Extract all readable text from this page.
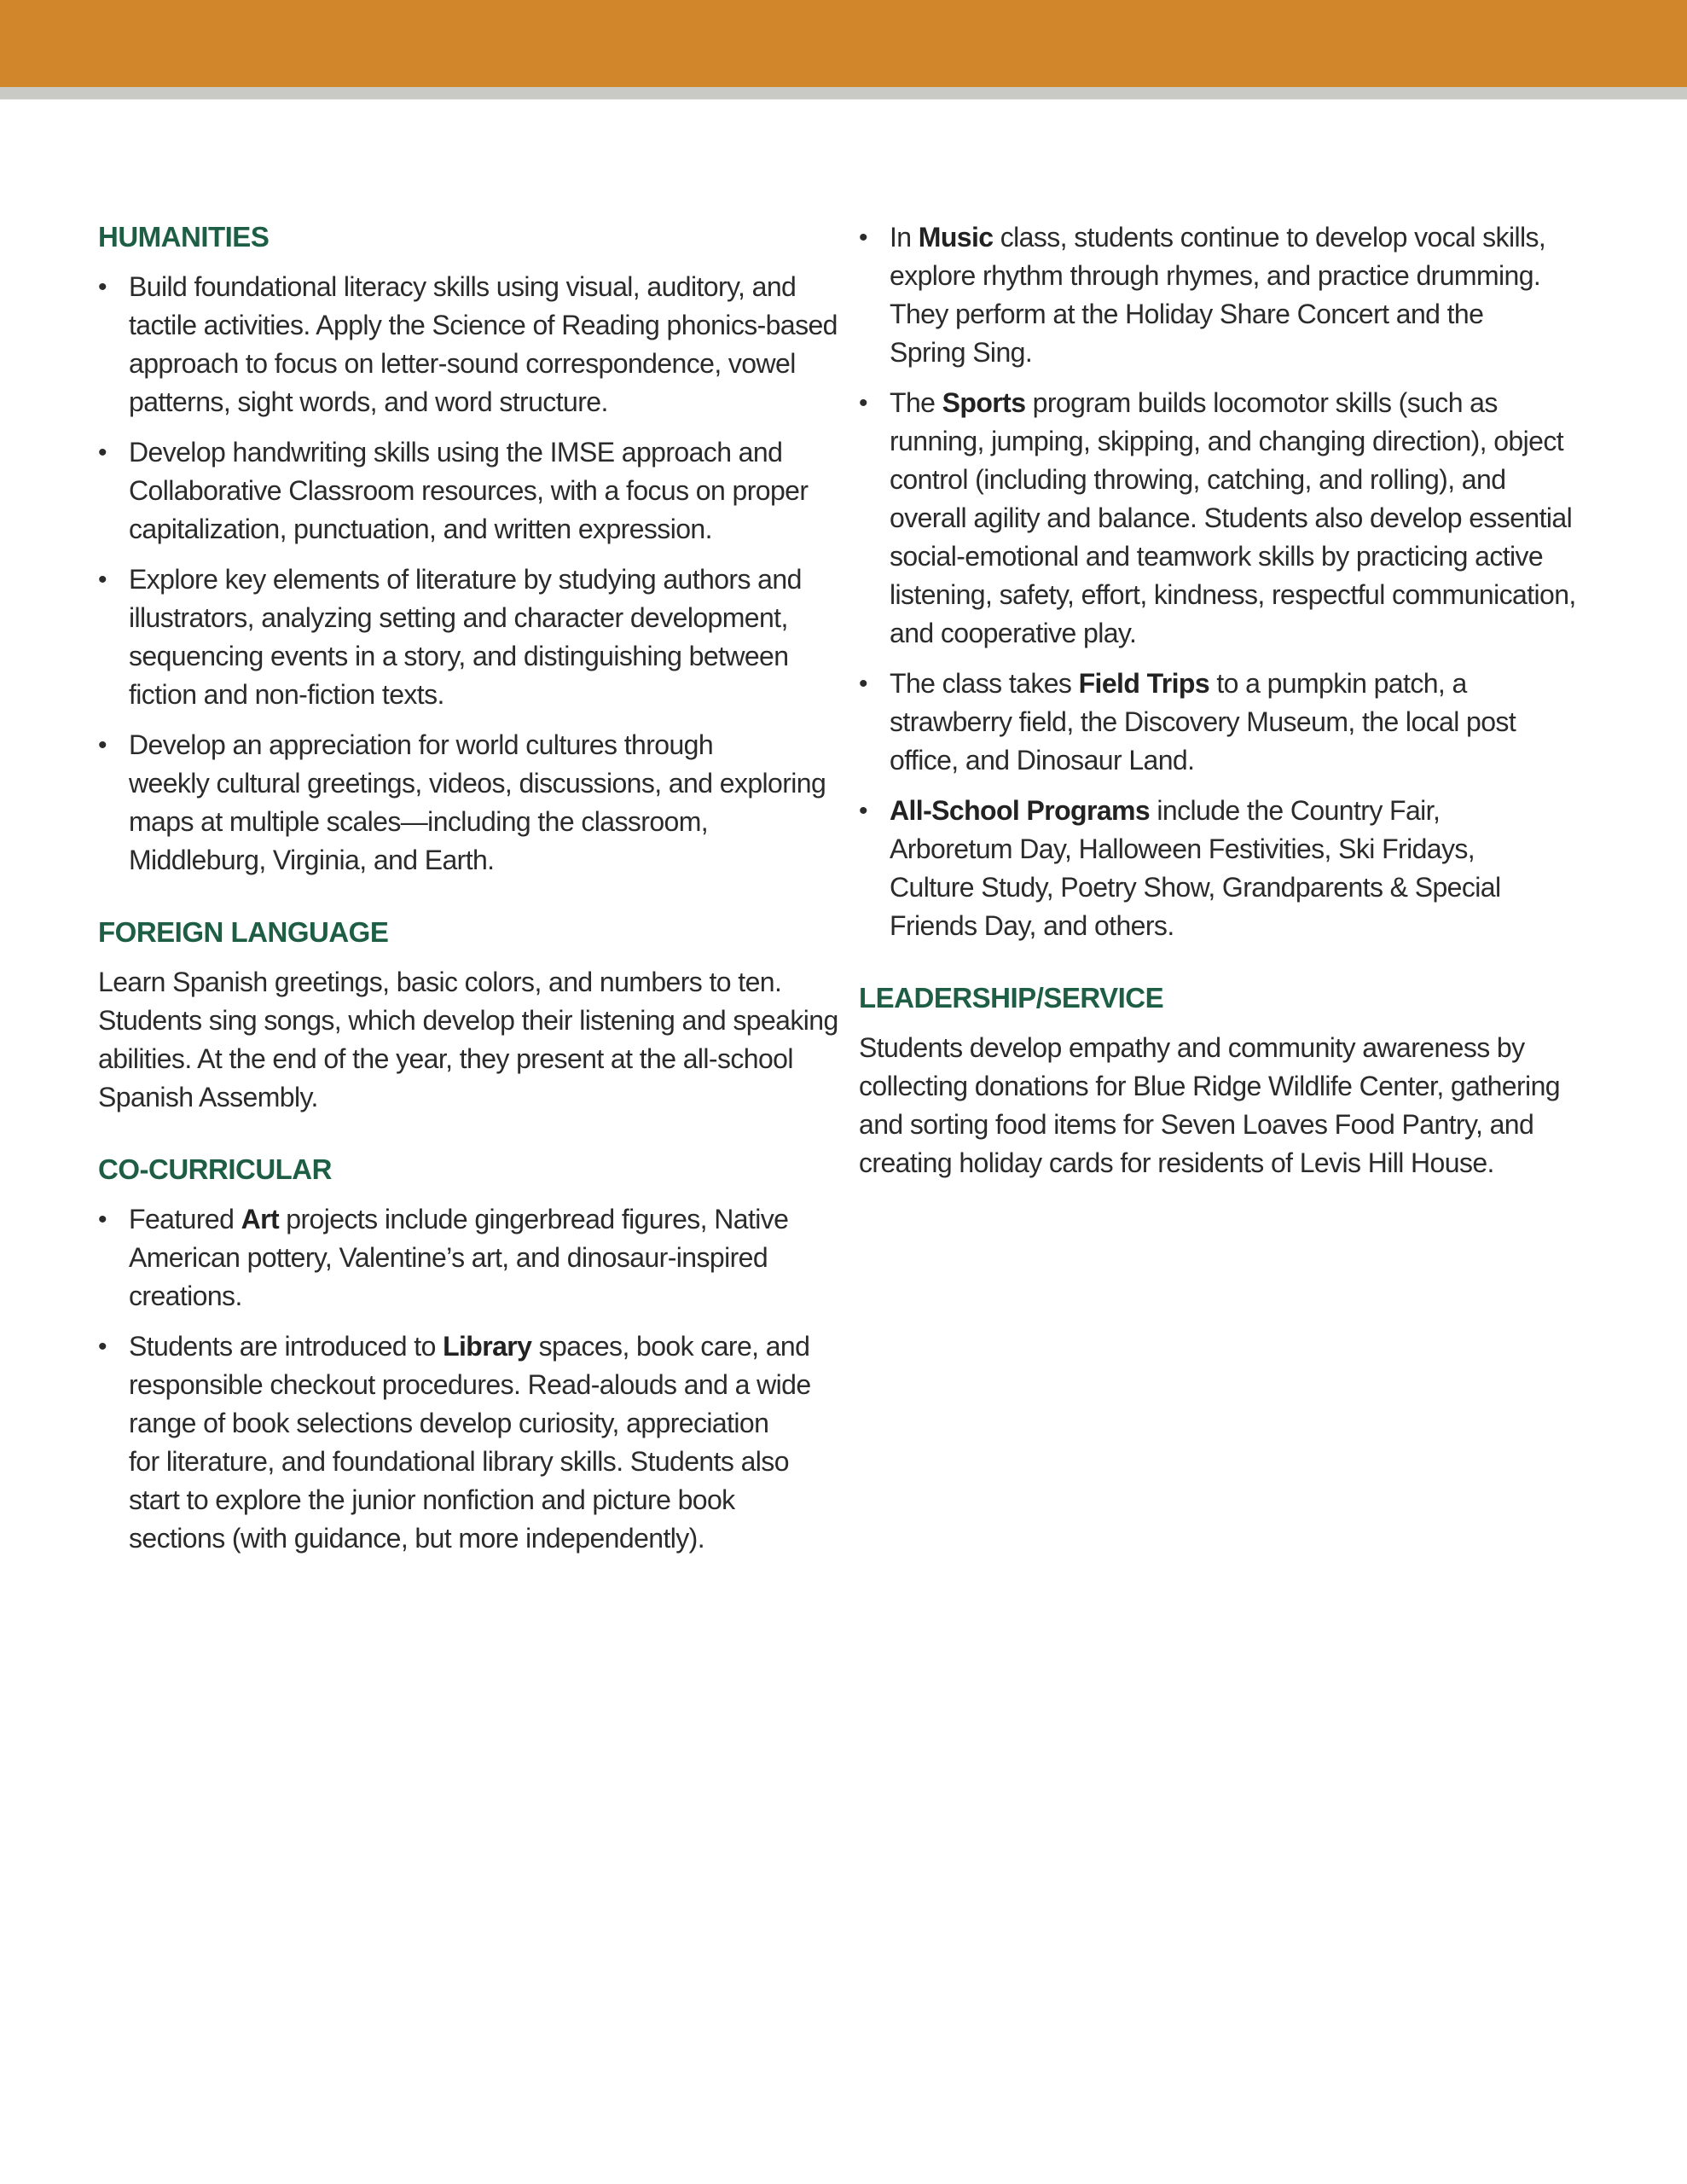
HUMANITIES
• Build foundational literacy skills using visual, auditory, and
tactile activities. Apply the Science of Reading phonics-based
approach to focus on letter-sound correspondence, vowel
patterns, sight words, and word structure.
• Develop handwriting skills using the IMSE approach and
Collaborative Classroom resources, with a focus on proper
capitalization, punctuation, and written expression.
• Explore key elements of literature by studying authors and
illustrators, analyzing setting and character development,
sequencing events in a story, and distinguishing between
fiction and non-fiction texts.
• Develop an appreciation for world cultures through
weekly cultural greetings, videos, discussions, and exploring
maps at multiple scales—including the classroom,
Middleburg, Virginia, and Earth.
FOREIGN LANGUAGE
Learn Spanish greetings, basic colors, and numbers to ten.
Students sing songs, which develop their listening and speaking
abilities. At the end of the year, they present at the all-school
Spanish Assembly.
CO-CURRICULAR
• Featured Art projects include gingerbread figures, Native
American pottery, Valentine’s art, and dinosaur-inspired
creations.
• Students are introduced to Library spaces, book care, and
responsible checkout procedures. Read-alouds and a wide
range of book selections develop curiosity, appreciation
for literature, and foundational library skills. Students also
start to explore the junior nonfiction and picture book
sections (with guidance, but more independently).
• In Music class, students continue to develop vocal skills,
explore rhythm through rhymes, and practice drumming.
They perform at the Holiday Share Concert and the
Spring Sing.
• The Sports program builds locomotor skills (such as
running, jumping, skipping, and changing direction), object
control (including throwing, catching, and rolling), and
overall agility and balance. Students also develop essential
social-emotional and teamwork skills by practicing active
listening, safety, effort, kindness, respectful communication,
and cooperative play.
• The class takes Field Trips to a pumpkin patch, a
strawberry field, the Discovery Museum, the local post
office, and Dinosaur Land.
• All-School Programs include the Country Fair,
Arboretum Day, Halloween Festivities, Ski Fridays,
Culture Study, Poetry Show, Grandparents & Special
Friends Day, and others.
LEADERSHIP/SERVICE
Students develop empathy and community awareness by
collecting donations for Blue Ridge Wildlife Center, gathering
and sorting food items for Seven Loaves Food Pantry, and
creating holiday cards for residents of Levis Hill House.
